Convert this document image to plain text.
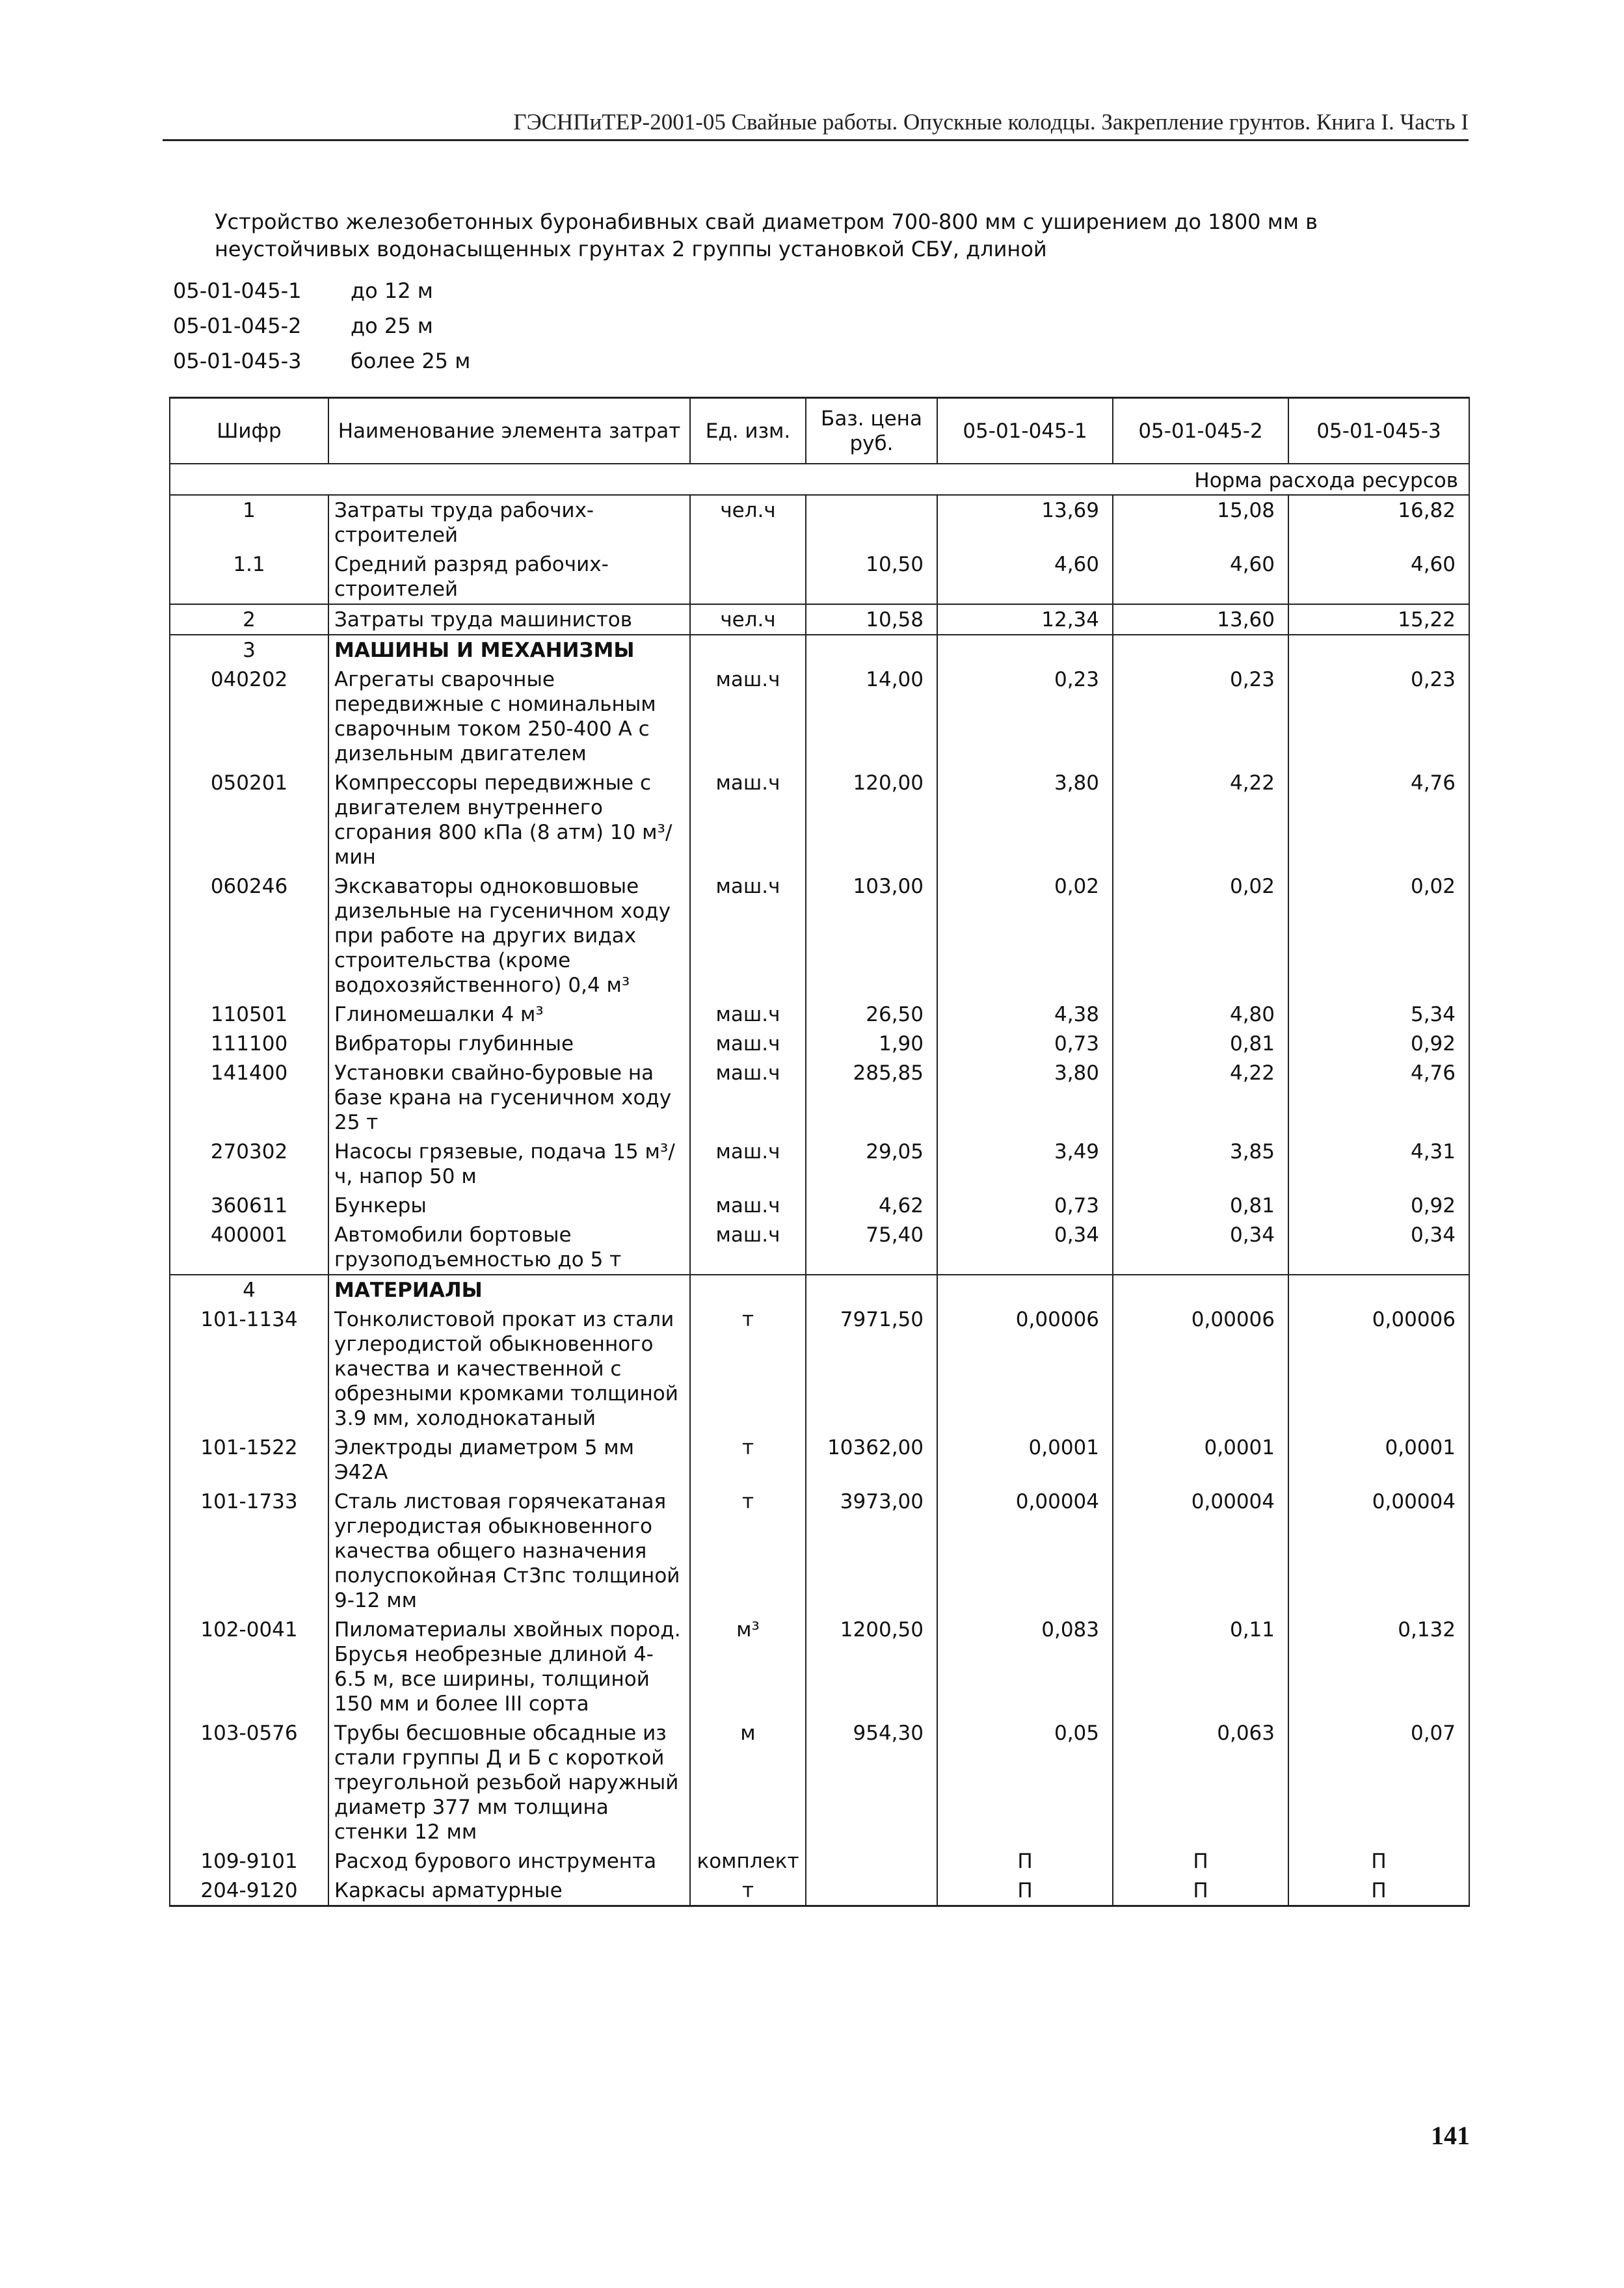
ГЭСНПиТЕР-2001-05 Свайные работы. Опускные колодцы. Закрепление грунтов. Книга I. Часть I
Устройство железобетонных буронабивных свай диаметром 700-800 мм с уширением до 1800 мм в неустойчивых водонасыщенных грунтах 2 группы установкой СБУ, длиной
05-01-045-1	до 12 м
05-01-045-2	до 25 м
05-01-045-3	более 25 м
Шифр	Наименование элемента затрат	Ед. изм.	Баз. цена руб.	05-01-045-1	05-01-045-2	05-01-045-3
Норма расхода ресурсов						
1	Затраты труда рабочих-строителей	чел.ч		13,69	15,08	16,82
1.1	Средний разряд рабочих-строителей		10,50	4,60	4,60	4,60
2	Затраты труда машинистов	чел.ч	10,58	12,34	13,60	15,22
3	МАШИНЫ И МЕХАНИЗМЫ					
040202	Агрегаты сварочные передвижные с номинальным сварочным током 250-400 А с дизельным двигателем	маш.ч	14,00	0,23	0,23	0,23
050201	Компрессоры передвижные с двигателем внутреннего сгорания 800 кПа (8 атм) 10 м³/мин	маш.ч	120,00	3,80	4,22	4,76
060246	Экскаваторы одноковшовые дизельные на гусеничном ходу при работе на других видах строительства (кроме водохозяйственного) 0,4 м³	маш.ч	103,00	0,02	0,02	0,02
110501	Глиномешалки 4 м³	маш.ч	26,50	4,38	4,80	5,34
111100	Вибраторы глубинные	маш.ч	1,90	0,73	0,81	0,92
141400	Установки свайно-буровые на базе крана на гусеничном ходу 25 т	маш.ч	285,85	3,80	4,22	4,76
270302	Насосы грязевые, подача 15 м³/ч, напор 50 м	маш.ч	29,05	3,49	3,85	4,31
360611	Бункеры	маш.ч	4,62	0,73	0,81	0,92
400001	Автомобили бортовые грузоподъемностью до 5 т	маш.ч	75,40	0,34	0,34	0,34
4	МАТЕРИАЛЫ					
101-1134	Тонколистовой прокат из стали углеродистой обыкновенного качества и качественной с обрезными кромками толщиной 3.9 мм, холоднокатаный	т	7971,50	0,00006	0,00006	0,00006
101-1522	Электроды диаметром 5 мм Э42А	т	10362,00	0,0001	0,0001	0,0001
101-1733	Сталь листовая горячекатаная углеродистая обыкновенного качества общего назначения полуспокойная Ст3пс толщиной 9-12 мм	т	3973,00	0,00004	0,00004	0,00004
102-0041	Пиломатериалы хвойных пород. Брусья необрезные длиной 4-6.5 м, все ширины, толщиной 150 мм и более III сорта	м³	1200,50	0,083	0,11	0,132
103-0576	Трубы бесшовные обсадные из стали группы Д и Б с короткой треугольной резьбой наружный диаметр 377 мм толщина стенки 12 мм	м	954,30	0,05	0,063	0,07
109-9101	Расход бурового инструмента	комплект		П	П	П
204-9120	Каркасы арматурные	т		П	П	П
141
